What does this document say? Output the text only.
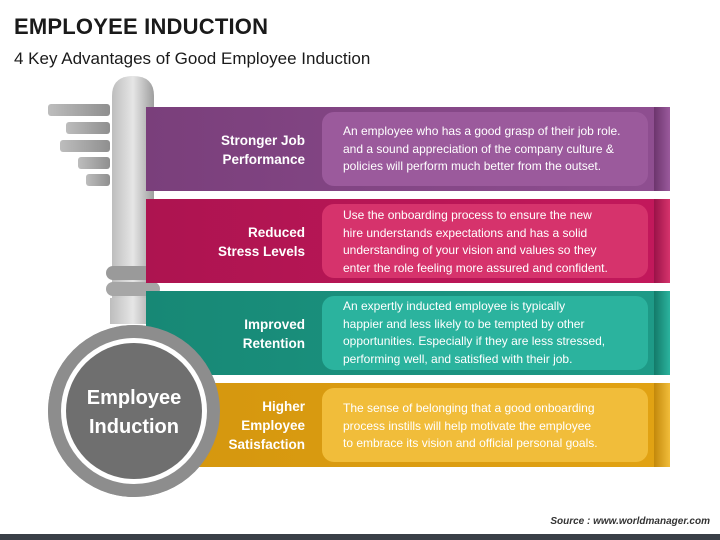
EMPLOYEE INDUCTION
4 Key Advantages of Good Employee Induction
Stronger Job
Performance
An employee who has a good grasp of their job role.
and a sound appreciation of the company culture &
policies will perform much better from the outset.
Reduced
Stress Levels
Use the onboarding process to ensure the new
hire understands expectations and has a solid
understanding of your vision and values so they
enter the role feeling more assured and confident.
Improved
Retention
An expertly inducted employee is typically
happier and less likely to be tempted by other
opportunities. Especially if they are less stressed,
performing well, and satisfied with their job.
Higher
Employee
Satisfaction
The sense of belonging that a good onboarding
process instills will help motivate the employee
to embrace its vision and official personal goals.
Employee
Induction
Source : www.worldmanager.com
